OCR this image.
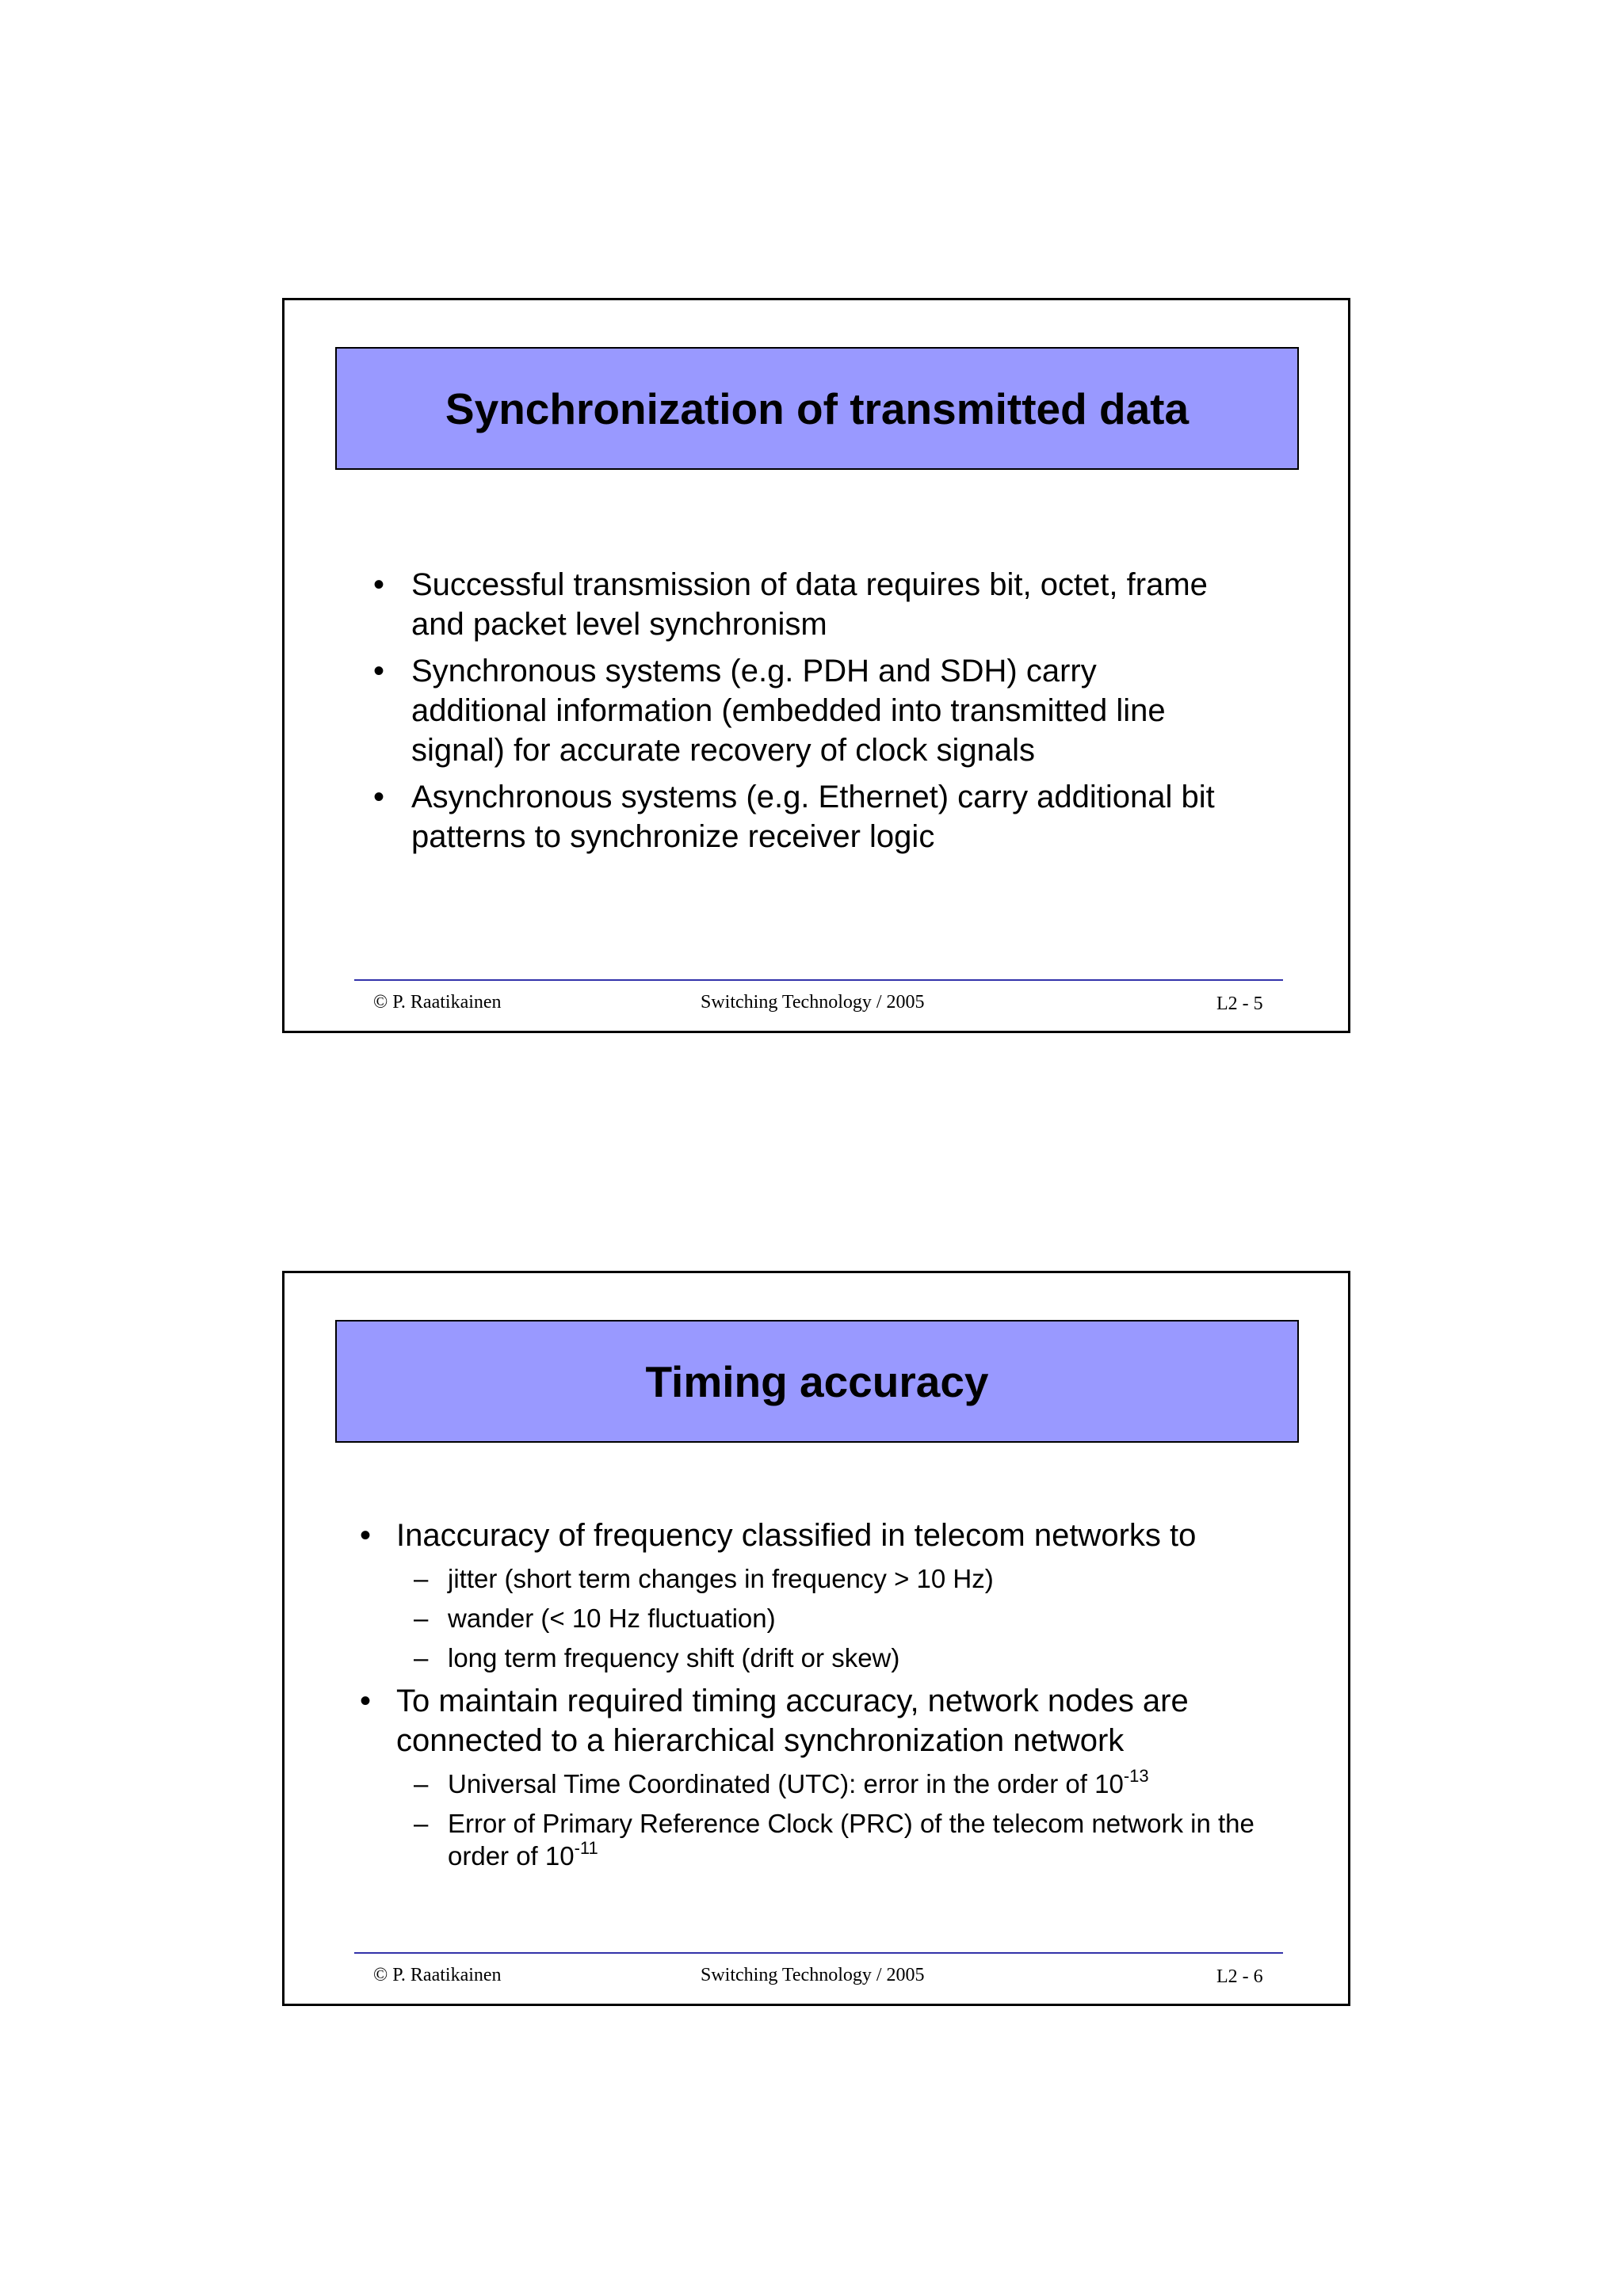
Synchronization of transmitted data
• Successful transmission of data requires bit, octet, frame
and packet level synchronism
• Synchronous systems (e.g. PDH and SDH) carry
additional information (embedded into transmitted line
signal) for accurate recovery of clock signals
• Asynchronous systems (e.g. Ethernet) carry additional bit
patterns to synchronize receiver logic
© P. Raatikainen	Switching Technology / 2005	L2 - 5
Timing accuracy
• Inaccuracy of frequency classified in telecom networks to
– jitter (short term changes in frequency > 10 Hz)
– wander (< 10 Hz fluctuation)
– long term frequency shift (drift or skew)
• To maintain required timing accuracy, network nodes are
connected to a hierarchical synchronization network
– Universal Time Coordinated (UTC): error in the order of $10^{-13}$
– Error of Primary Reference Clock (PRC) of the telecom network in the
order of $10^{-11}$
© P. Raatikainen	Switching Technology / 2005	L2 - 6
